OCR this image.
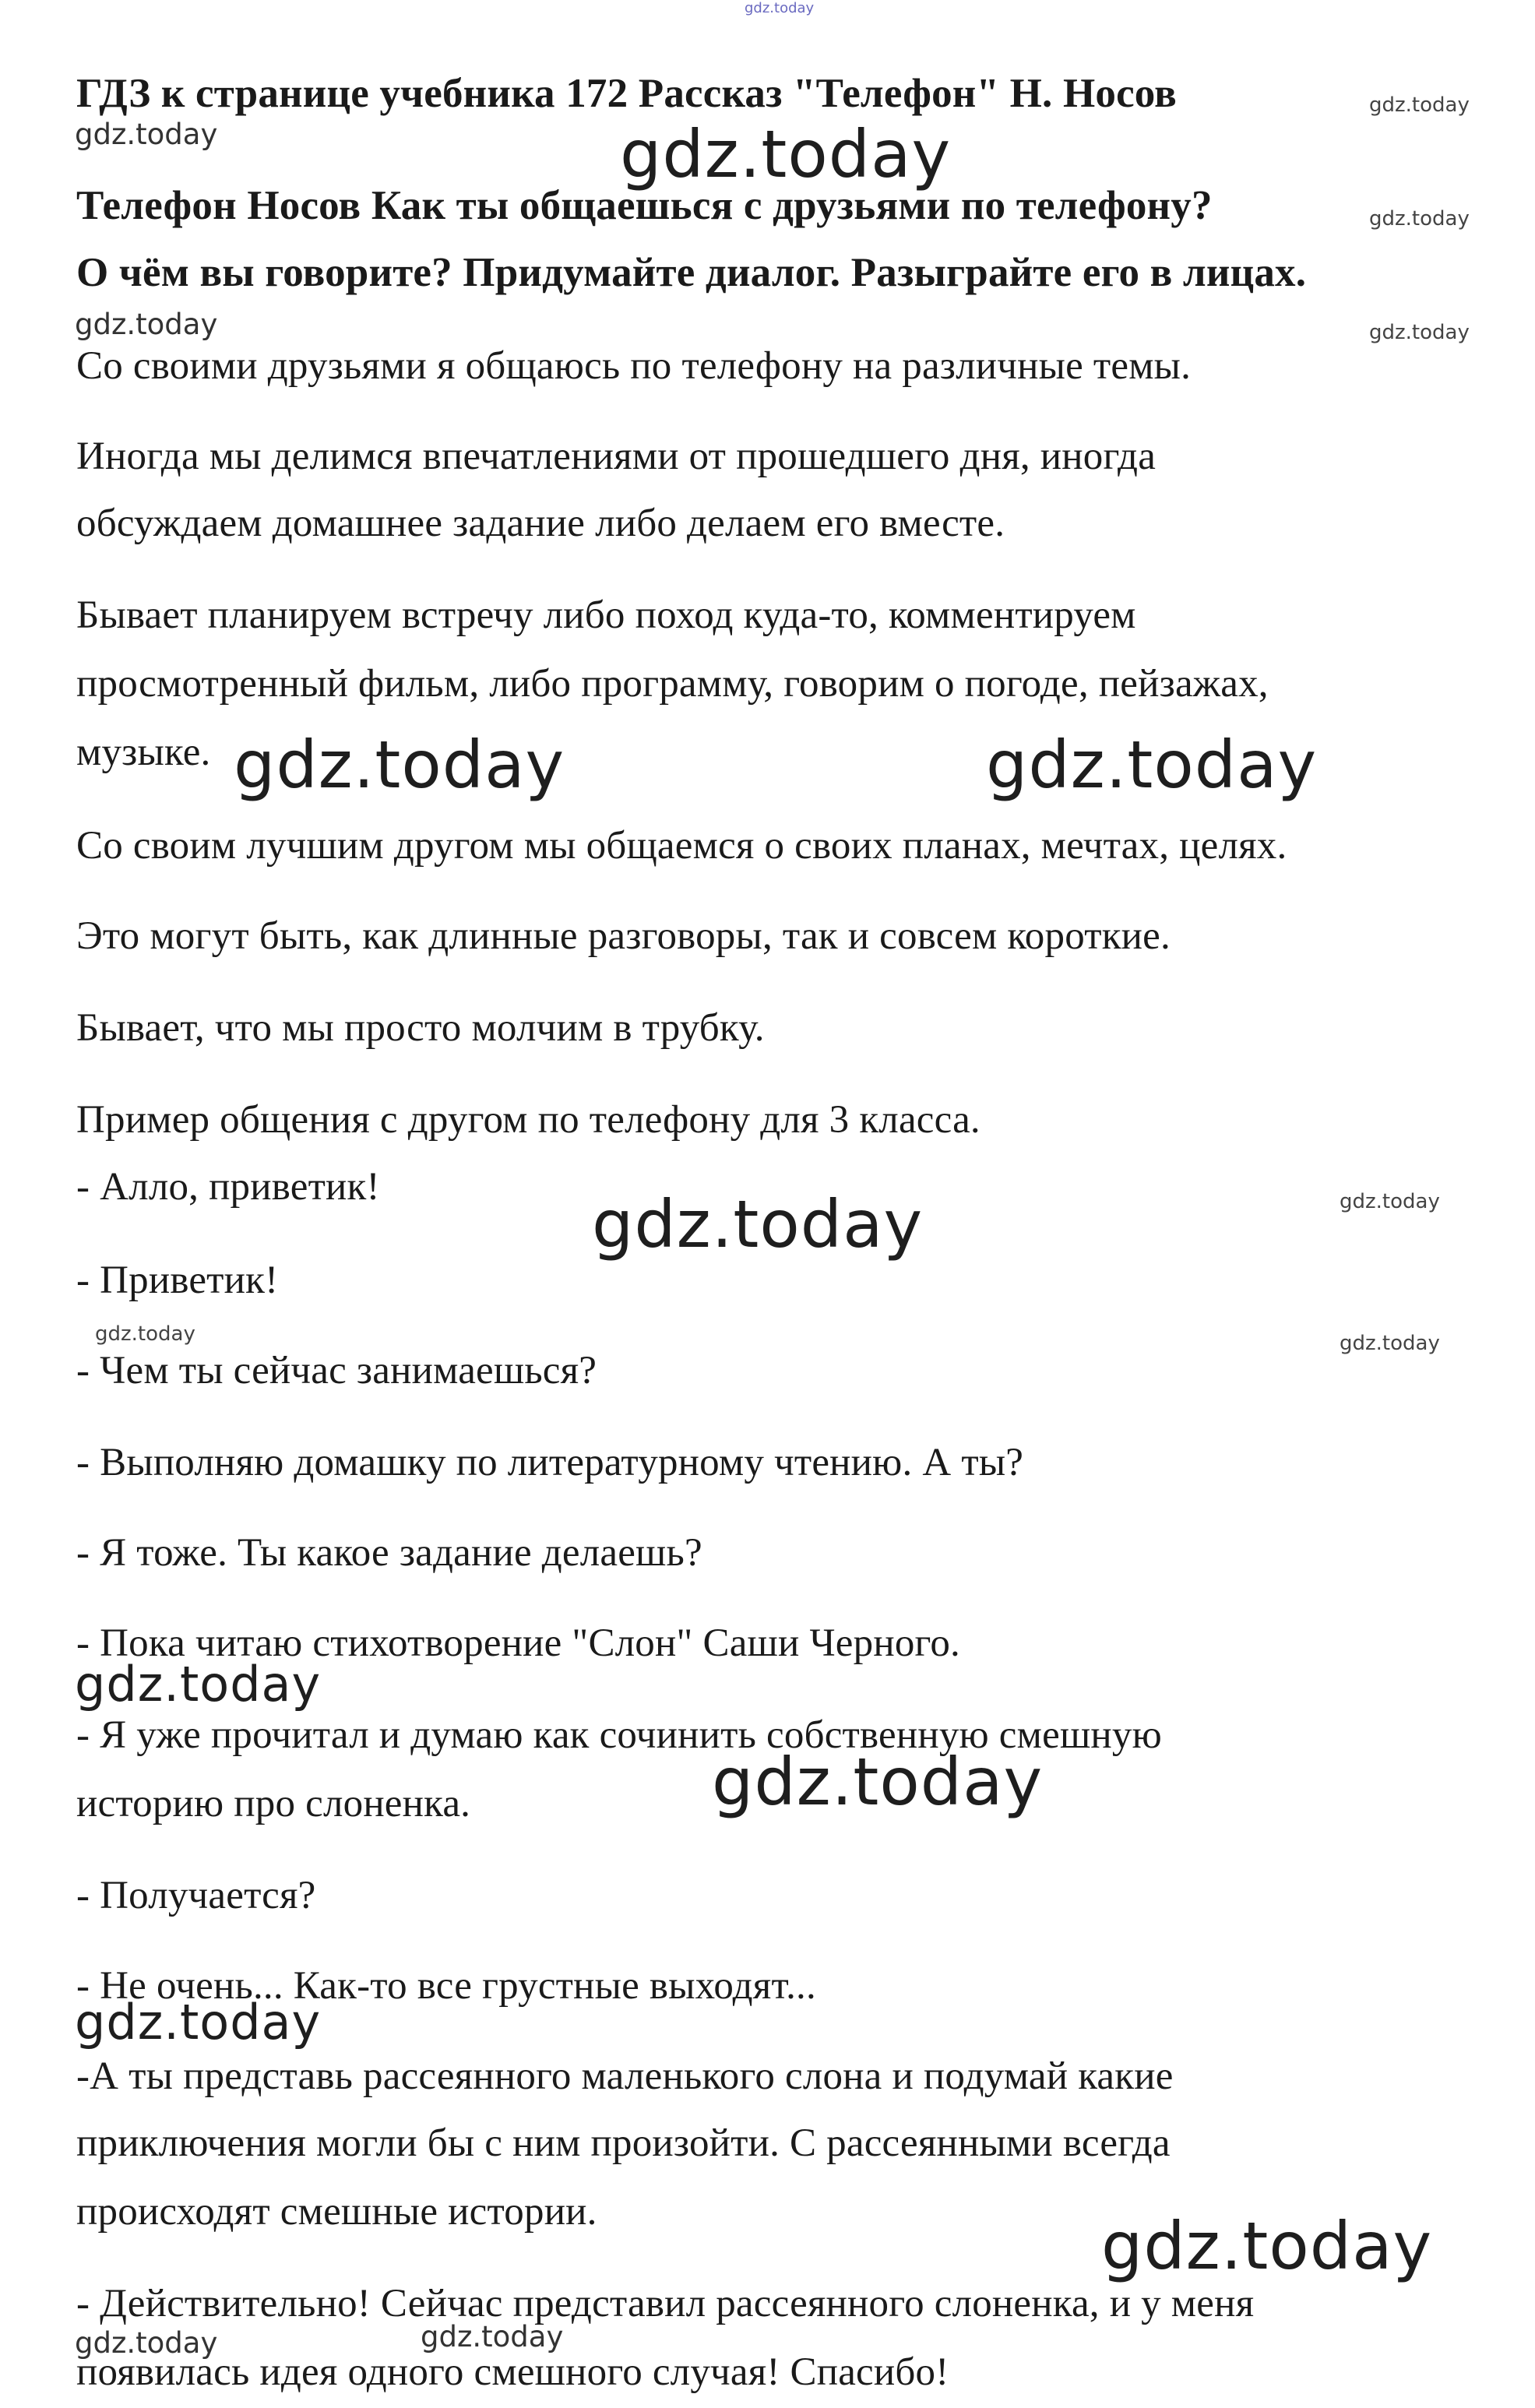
gdz.today
ГДЗ к странице учебника 172 Рассказ "Телефон" Н. Носов
Телефон Носов Как ты общаешься с друзьями по телефону?
О чём вы говорите? Придумайте диалог. Разыграйте его в лицах.
Со своими друзьями я общаюсь по телефону на различные темы.
Иногда мы делимся впечатлениями от прошедшего дня, иногда
обсуждаем домашнее задание либо делаем его вместе.
Бывает планируем встречу либо поход куда-то, комментируем
просмотренный фильм, либо программу, говорим о погоде, пейзажах,
музыке.
Со своим лучшим другом мы общаемся о своих планах, мечтах, целях.
Это могут быть, как длинные разговоры, так и совсем короткие.
Бывает, что мы просто молчим в трубку.
Пример общения с другом по телефону для 3 класса.
- Алло, приветик!
- Приветик!
- Чем ты сейчас занимаешься?
- Выполняю домашку по литературному чтению. А ты?
- Я тоже. Ты какое задание делаешь?
- Пока читаю стихотворение "Слон" Саши Черного.
- Я уже прочитал и думаю как сочинить собственную смешную
историю про слоненка.
- Получается?
- Не очень... Как-то все грустные выходят...
-А ты представь рассеянного маленького слона и подумай какие
приключения могли бы с ним произойти. С рассеянными всегда
происходят смешные истории.
- Действительно! Сейчас представил рассеянного слоненка, и у меня
появилась идея одного смешного случая! Спасибо!
gdz.today
gdz.today
gdz.today
gdz.today
gdz.today
gdz.today
gdz.today
gdz.today
gdz.today	gdz.today
gdz.today
gdz.today	gdz.today
gdz.today
gdz.today
gdz.today
gdz.today
gdz.today
